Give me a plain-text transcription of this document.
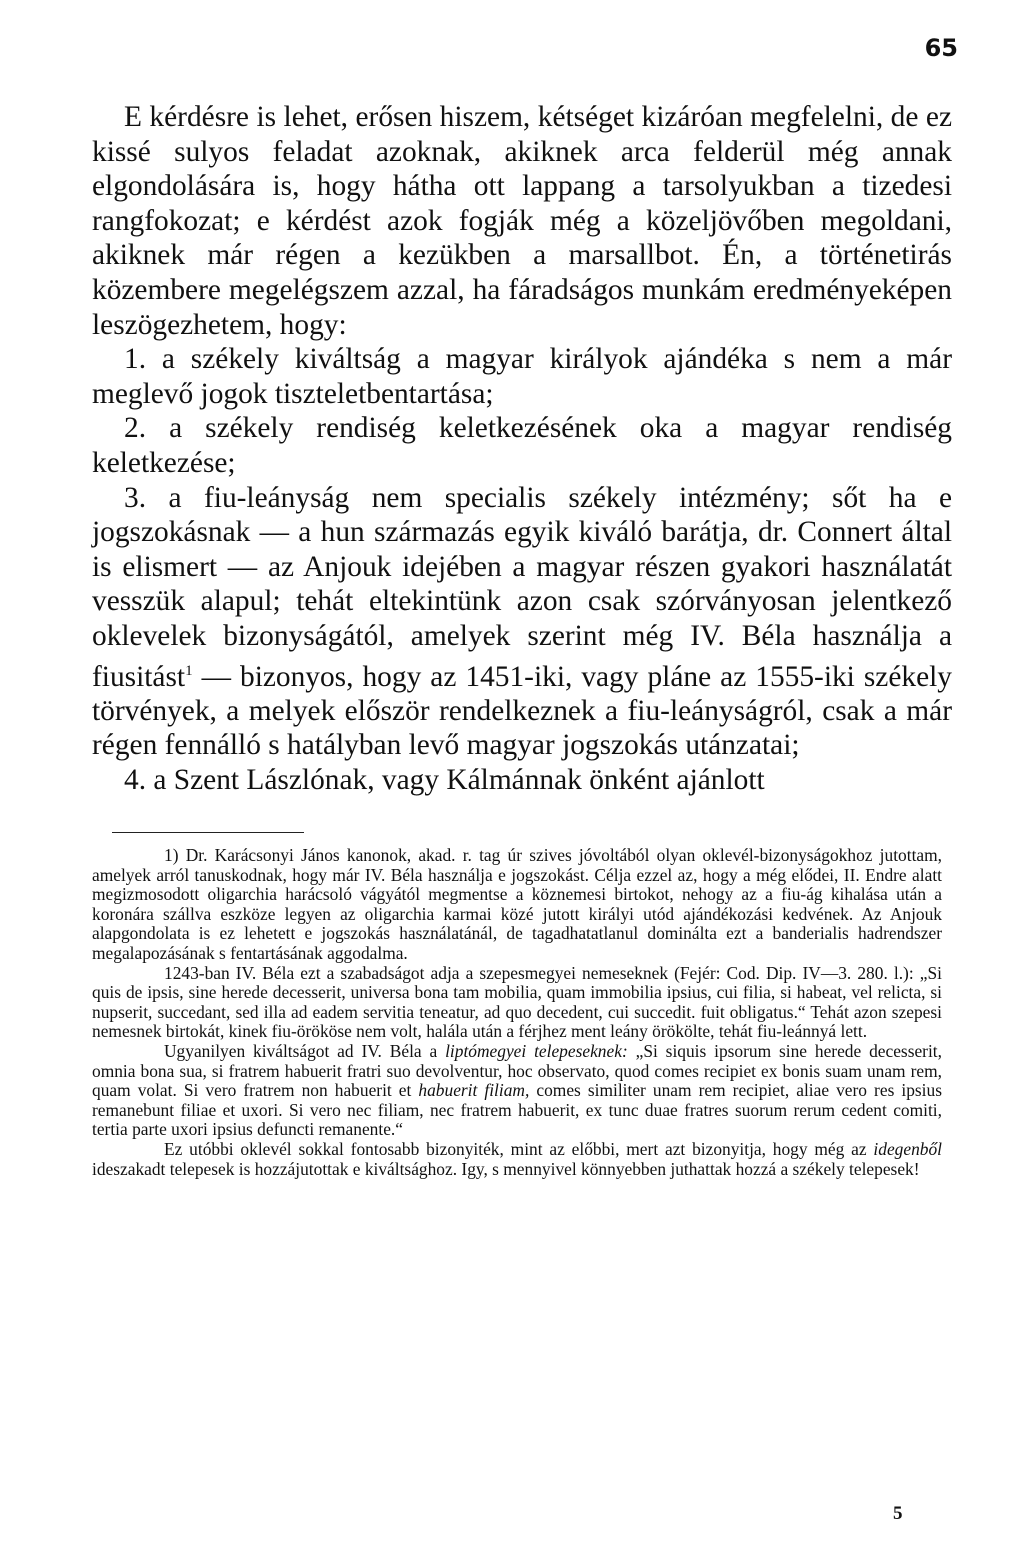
65

E kérdésre is lehet, erősen hiszem, kétséget kizáróan megfelelni, de ez kissé sulyos feladat azoknak, akiknek arca felderül még annak elgondolására is, hogy hátha ott lappang a tarsolyukban a tizedesi rangfokozat; e kérdést azok fogják még a közeljövőben megoldani, akiknek már régen a kezükben a marsallbot. Én, a történetirás közembere megelégszem azzal, ha fáradságos munkám eredményeképen leszögezhetem, hogy:

1. a székely kiváltság a magyar királyok ajándéka s nem a már meglevő jogok tiszteletbentartása;

2. a székely rendiség keletkezésének oka a magyar rendiség keletkezése;

3. a fiu-leányság nem specialis székely intézmény; sőt ha e jogszokásnak — a hun származás egyik kiváló barátja, dr. Connert által is elismert — az Anjouk idejében a magyar részen gyakori használatát vesszük alapul; tehát eltekintünk azon csak szórványosan jelentkező oklevelek bizonyságától, amelyek szerint még IV. Béla használja a fiusitást$^1$ — bizonyos, hogy az 1451-iki, vagy pláne az 1555-iki székely törvények, a melyek először rendelkeznek a fiu-leányságról, csak a már régen fennálló s hatályban levő magyar jogszokás utánzatai;

4. a Szent Lászlónak, vagy Kálmánnak önként ajánlott

1) Dr. Karácsonyi János kanonok, akad. r. tag úr szives jóvoltából olyan oklevél-bizonyságokhoz jutottam, amelyek arról tanuskodnak, hogy már IV. Béla használja e jogszokást. Célja ezzel az, hogy a még elődei, II. Endre alatt megizmosodott oligarchia harácsoló vágyától megmentse a köznemesi birtokot, nehogy az a fiu-ág kihalása után a koronára szállva eszköze legyen az oligarchia karmai közé jutott királyi utód ajándékozási kedvének. Az Anjouk alapgondolata is ez lehetett e jogszokás használatánál, de tagadhatatlanul dominálta ezt a banderialis hadrendszer megalapozásának s fentartásának aggodalma.

1243-ban IV. Béla ezt a szabadságot adja a szepesmegyei nemeseknek (Fejér: Cod. Dip. IV—3. 280. l.): „Si quis de ipsis, sine herede decesserit, universa bona tam mobilia, quam immobilia ipsius, cui filia, si habeat, vel relicta, si nupserit, succedant, sed illa ad eadem servitia teneatur, ad quo decedent, cui succedit. fuit obligatus.“ Tehát azon szepesi nemesnek birtokát, kinek fiu-örököse nem volt, halála után a férjhez ment leány örökölte, tehát fiu-leánnyá lett.

Ugyanilyen kiváltságot ad IV. Béla a liptómegyei telepeseknek: „Si siquis ipsorum sine herede decesserit, omnia bona sua, si fratrem habuerit fratri suo devolventur, hoc observato, quod comes recipiet ex bonis suam unam rem, quam volat. Si vero fratrem non habuerit et habuerit filiam, comes similiter unam rem recipiet, aliae vero res ipsius remanebunt filiae et uxori. Si vero nec filiam, nec fratrem habuerit, ex tunc duae fratres suorum rerum cedent comiti, tertia parte uxori ipsius defuncti remanente.“

Ez utóbbi oklevél sokkal fontosabb bizonyiték, mint az előbbi, mert azt bizonyitja, hogy még az idegenből ideszakadt telepesek is hozzájutottak e kiváltsághoz. Igy, s mennyivel könnyebben juthattak hozzá a székely telepesek!

5
